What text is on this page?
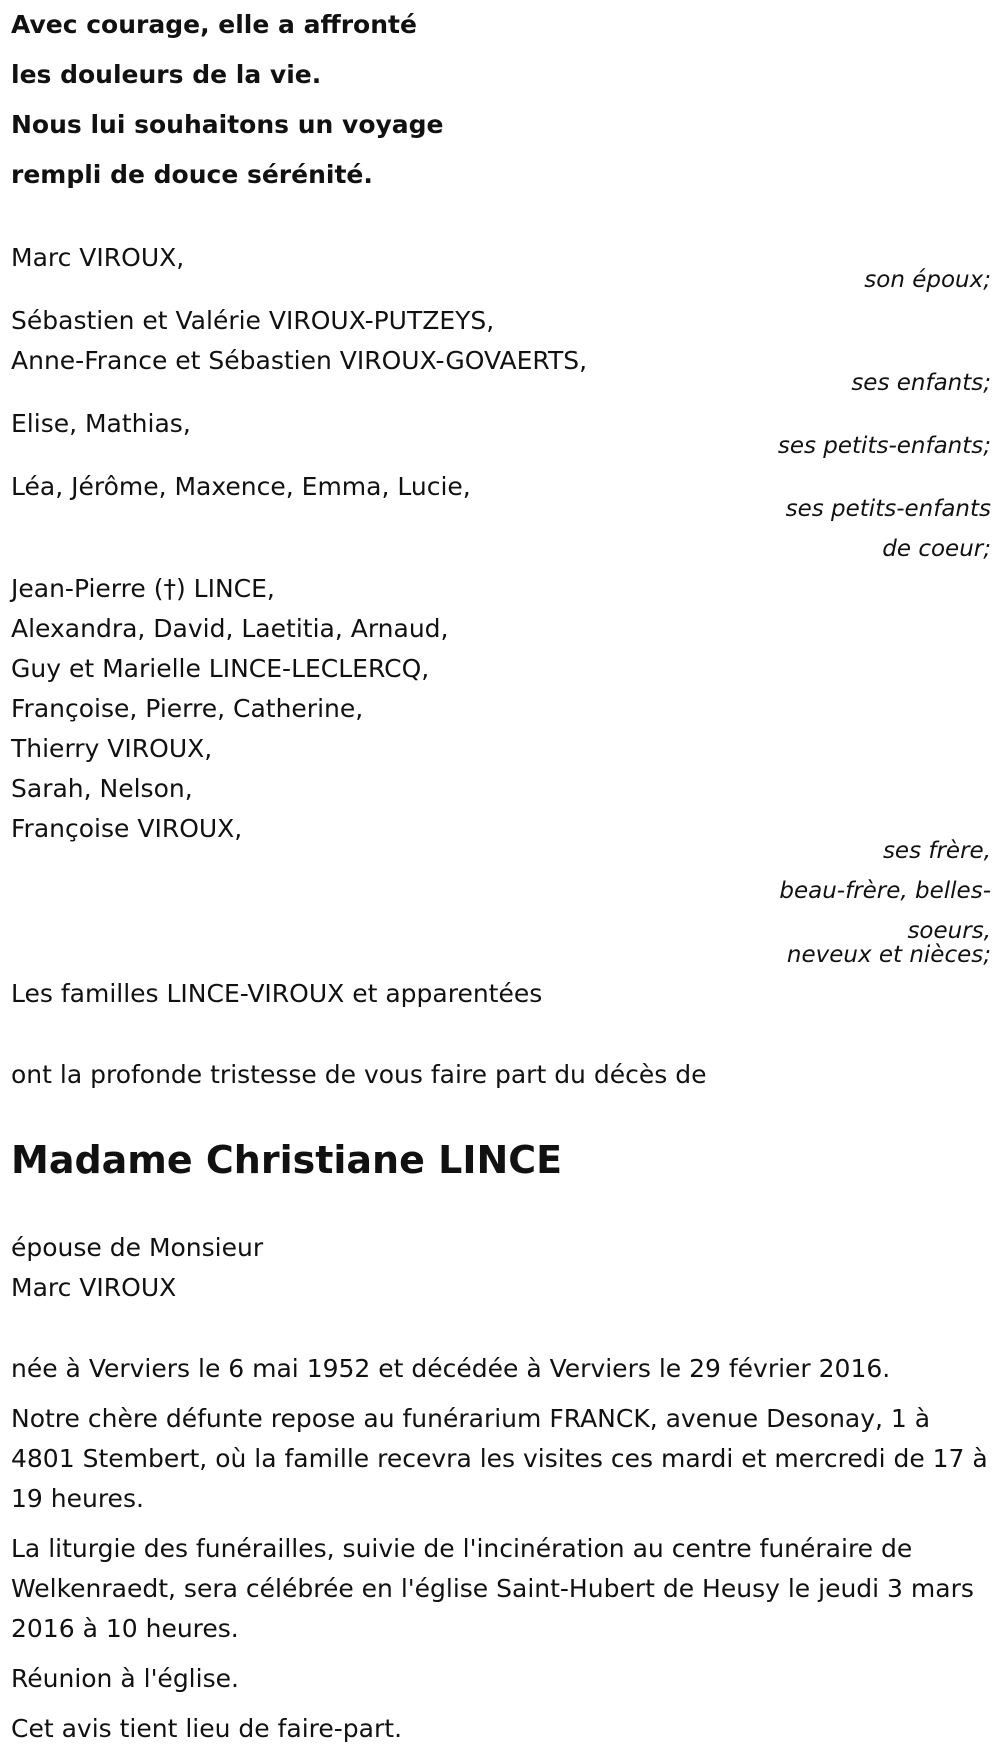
Avec courage, elle a affronté
les douleurs de la vie.
Nous lui souhaitons un voyage
rempli de douce sérénité.
Marc VIROUX,
son époux;
Sébastien et Valérie VIROUX-PUTZEYS,
Anne-France et Sébastien VIROUX-GOVAERTS,
ses enfants;
Elise, Mathias,
ses petits-enfants;
Léa, Jérôme, Maxence, Emma, Lucie,
ses petits-enfants
de coeur;
Jean-Pierre (†) LINCE,
Alexandra, David, Laetitia, Arnaud,
Guy et Marielle LINCE-LECLERCQ,
Françoise, Pierre, Catherine,
Thierry VIROUX,
Sarah, Nelson,
Françoise VIROUX,
ses frère,
beau-frère, belles-
soeurs,
neveux et nièces;
Les familles LINCE-VIROUX et apparentées
ont la profonde tristesse de vous faire part du décès de
Madame Christiane LINCE
épouse de Monsieur
Marc VIROUX
née à Verviers le 6 mai 1952 et décédée à Verviers le 29 février 2016.
Notre chère défunte repose au funérarium FRANCK, avenue Desonay, 1 à 4801 Stembert, où la famille recevra les visites ces mardi et mercredi de 17 à 19 heures.
La liturgie des funérailles, suivie de l'incinération au centre funéraire de Welkenraedt, sera célébrée en l'église Saint-Hubert de Heusy le jeudi 3 mars 2016 à 10 heures.
Réunion à l'église.
Cet avis tient lieu de faire-part.
